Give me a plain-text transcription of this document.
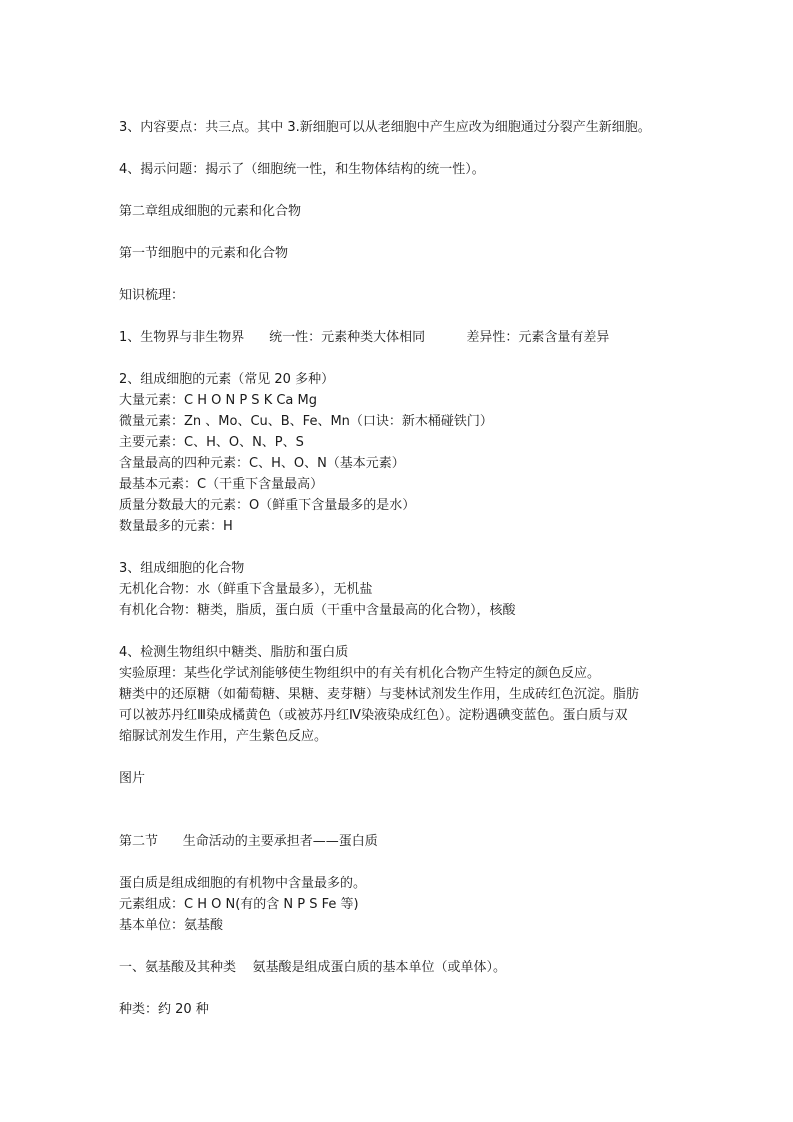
3、内容要点：共三点。其中 3.新细胞可以从老细胞中产生应改为细胞通过分裂产生新细胞。

4、揭示问题：揭示了（细胞统一性，和生物体结构的统一性）。

第二章组成细胞的元素和化合物

第一节细胞中的元素和化合物

知识梳理：

1、生物界与非生物界      统一性：元素种类大体相同          差异性：元素含量有差异

2、组成细胞的元素（常见 20 多种）

大量元素：C H O N P S K Ca Mg

微量元素：Zn 、Mo、Cu、B、Fe、Mn（口诀：新木桶碰铁门）

主要元素：C、H、O、N、P、S

含量最高的四种元素：C、H、O、N（基本元素）

最基本元素：C（干重下含量最高）

质量分数最大的元素：O（鲜重下含量最多的是水）

数量最多的元素：H

3、组成细胞的化合物

无机化合物：水（鲜重下含量最多），无机盐

有机化合物：糖类，脂质，蛋白质（干重中含量最高的化合物），核酸

4、检测生物组织中糖类、脂肪和蛋白质

实验原理：某些化学试剂能够使生物组织中的有关有机化合物产生特定的颜色反应。

糖类中的还原糖（如葡萄糖、果糖、麦芽糖）与斐林试剂发生作用，生成砖红色沉淀。脂肪

可以被苏丹红Ⅲ染成橘黄色（或被苏丹红Ⅳ染液染成红色）。淀粉遇碘变蓝色。蛋白质与双

缩脲试剂发生作用，产生紫色反应。

图片

第二节      生命活动的主要承担者——蛋白质

蛋白质是组成细胞的有机物中含量最多的。

元素组成：C H O N(有的含 N P S Fe 等)

基本单位：氨基酸

一、氨基酸及其种类    氨基酸是组成蛋白质的基本单位（或单体）。

种类：约 20 种
